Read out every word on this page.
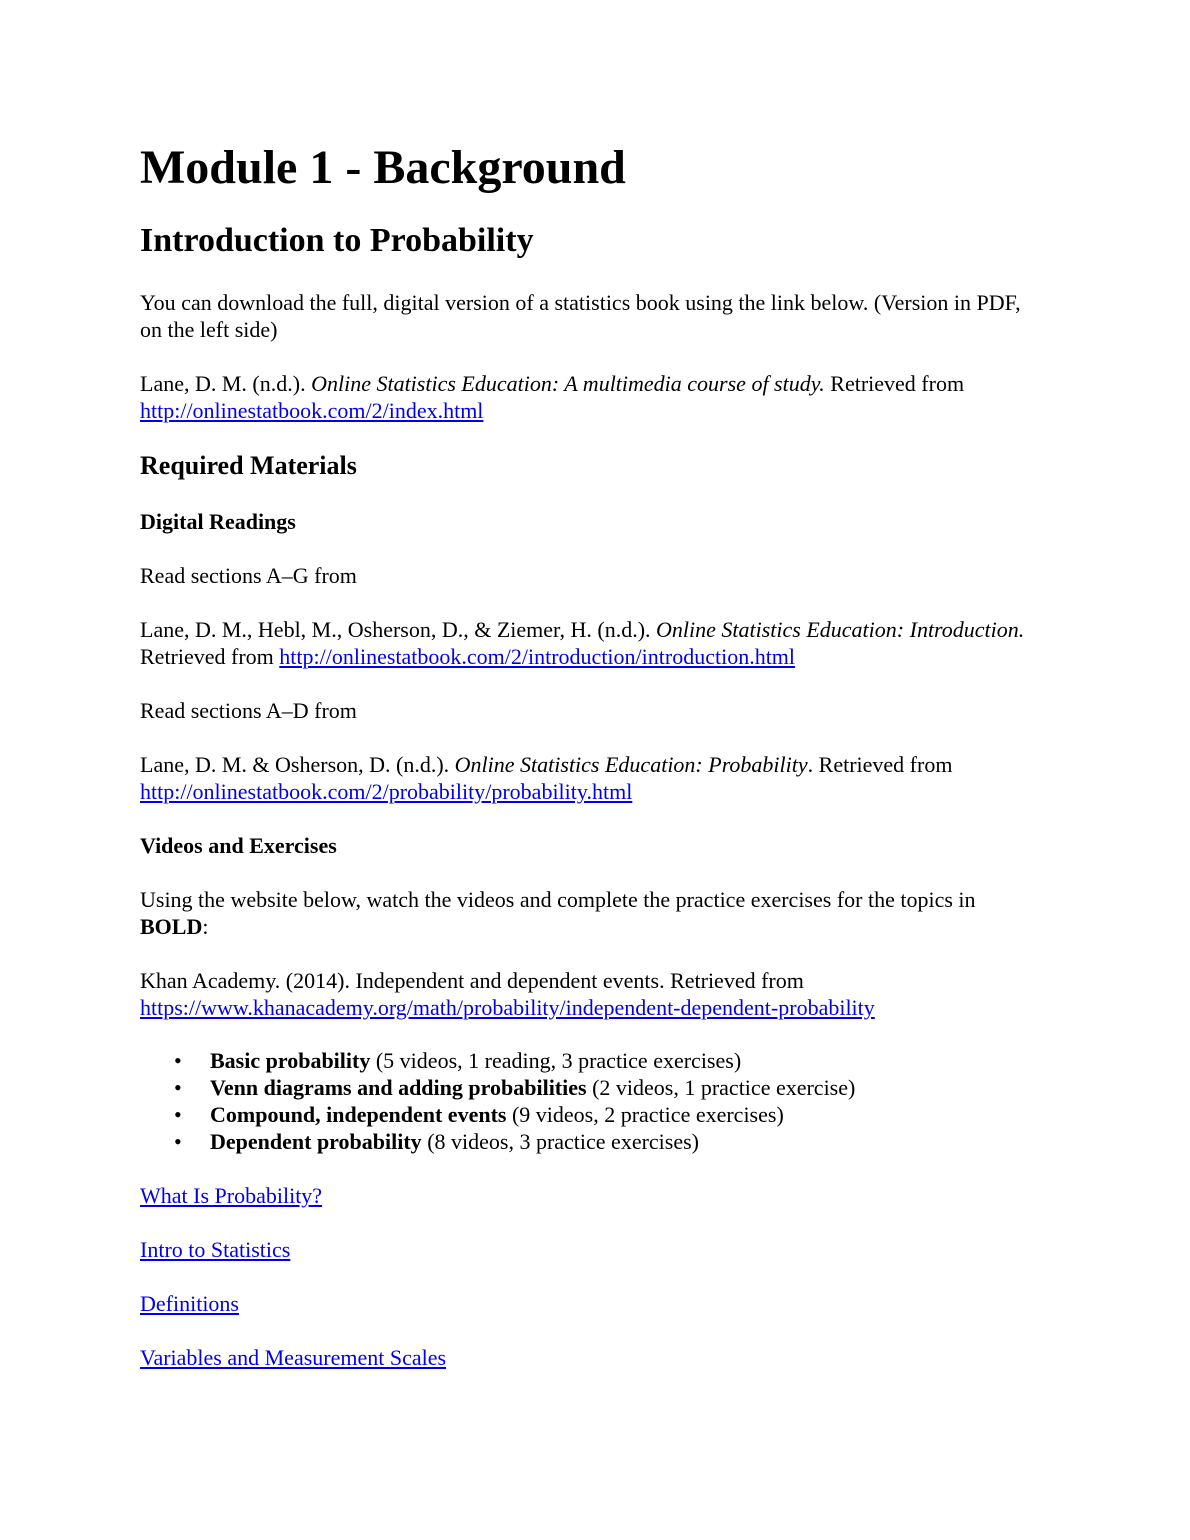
Module 1 - Background
Introduction to Probability
You can download the full, digital version of a statistics book using the link below. (Version in PDF, on the left side)
Lane, D. M. (n.d.). Online Statistics Education: A multimedia course of study. Retrieved from
http://onlinestatbook.com/2/index.html
Required Materials
Digital Readings
Read sections A–G from
Lane, D. M., Hebl, M., Osherson, D., & Ziemer, H. (n.d.). Online Statistics Education: Introduction. Retrieved from http://onlinestatbook.com/2/introduction/introduction.html
Read sections A–D from
Lane, D. M. & Osherson, D. (n.d.). Online Statistics Education: Probability. Retrieved from
http://onlinestatbook.com/2/probability/probability.html
Videos and Exercises
Using the website below, watch the videos and complete the practice exercises for the topics in
BOLD:
Khan Academy. (2014). Independent and dependent events. Retrieved from
https://www.khanacademy.org/math/probability/independent-dependent-probability
• Basic probability (5 videos, 1 reading, 3 practice exercises)
• Venn diagrams and adding probabilities (2 videos, 1 practice exercise)
• Compound, independent events (9 videos, 2 practice exercises)
• Dependent probability (8 videos, 3 practice exercises)
What Is Probability?
Intro to Statistics
Definitions
Variables and Measurement Scales
